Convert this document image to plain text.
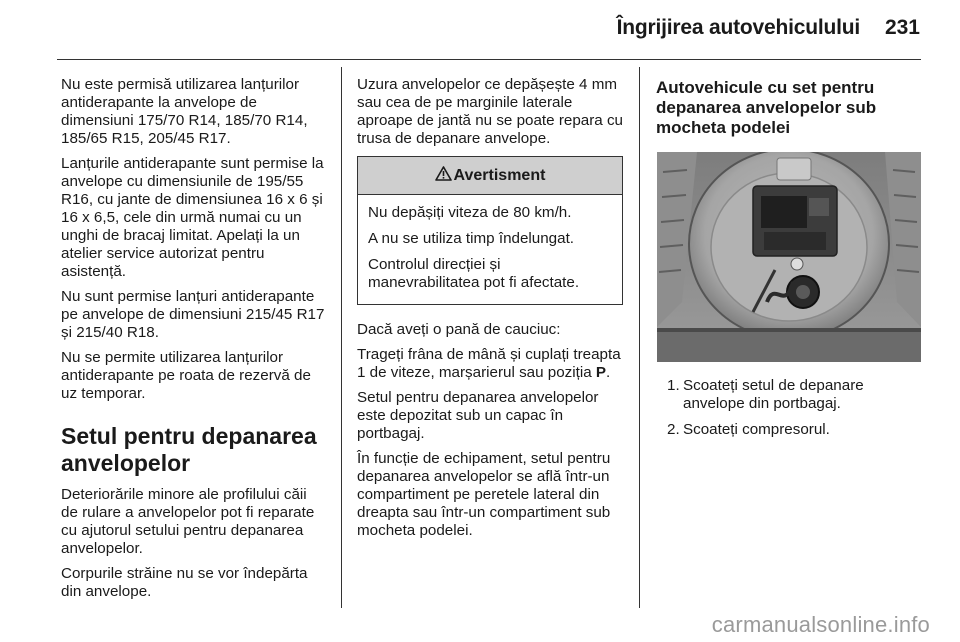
Îngrijirea autovehiculului	231

Nu este permisă utilizarea lanțurilor antiderapante la anvelope de dimensiuni 175/70 R14, 185/70 R14, 185/65 R15, 205/45 R17.

Lanțurile antiderapante sunt permise la anvelope cu dimensiunile de 195/55 R16, cu jante de dimensiunea 16 x 6 și 16 x 6,5, cele din urmă numai cu un unghi de bracaj limitat. Apelați la un atelier service autorizat pentru asistență.

Nu sunt permise lanțuri antiderapante pe anvelope de dimensiuni 215/45 R17 și 215/40 R18.

Nu se permite utilizarea lanțurilor antiderapante pe roata de rezervă de uz temporar.

Setul pentru depanarea anvelopelor

Deteriorările minore ale profilului căii de rulare a anvelopelor pot fi reparate cu ajutorul setului pentru depanarea anvelopelor.

Corpurile străine nu se vor îndepărta din anvelope.

Uzura anvelopelor ce depășește 4 mm sau cea de pe marginile laterale aproape de jantă nu se poate repara cu trusa de depanare anvelope.

Avertisment

Nu depășiți viteza de 80 km/h.

A nu se utiliza timp îndelungat.

Controlul direcției și manevrabilitatea pot fi afectate.

Dacă aveți o pană de cauciuc:

Trageți frâna de mână și cuplați treapta 1 de viteze, marșarierul sau poziția P.

Setul pentru depanarea anvelopelor este depozitat sub un capac în portbagaj.

În funcție de echipament, setul pentru depanarea anvelopelor se află într-un compartiment pe peretele lateral din dreapta sau într-un compartiment sub mocheta podelei.

Autovehicule cu set pentru depanarea anvelopelor sub mocheta podelei
1. Scoateți setul de depanare anvelope din portbagaj.
2. Scoateți compresorul.
carmanualsonline.info
